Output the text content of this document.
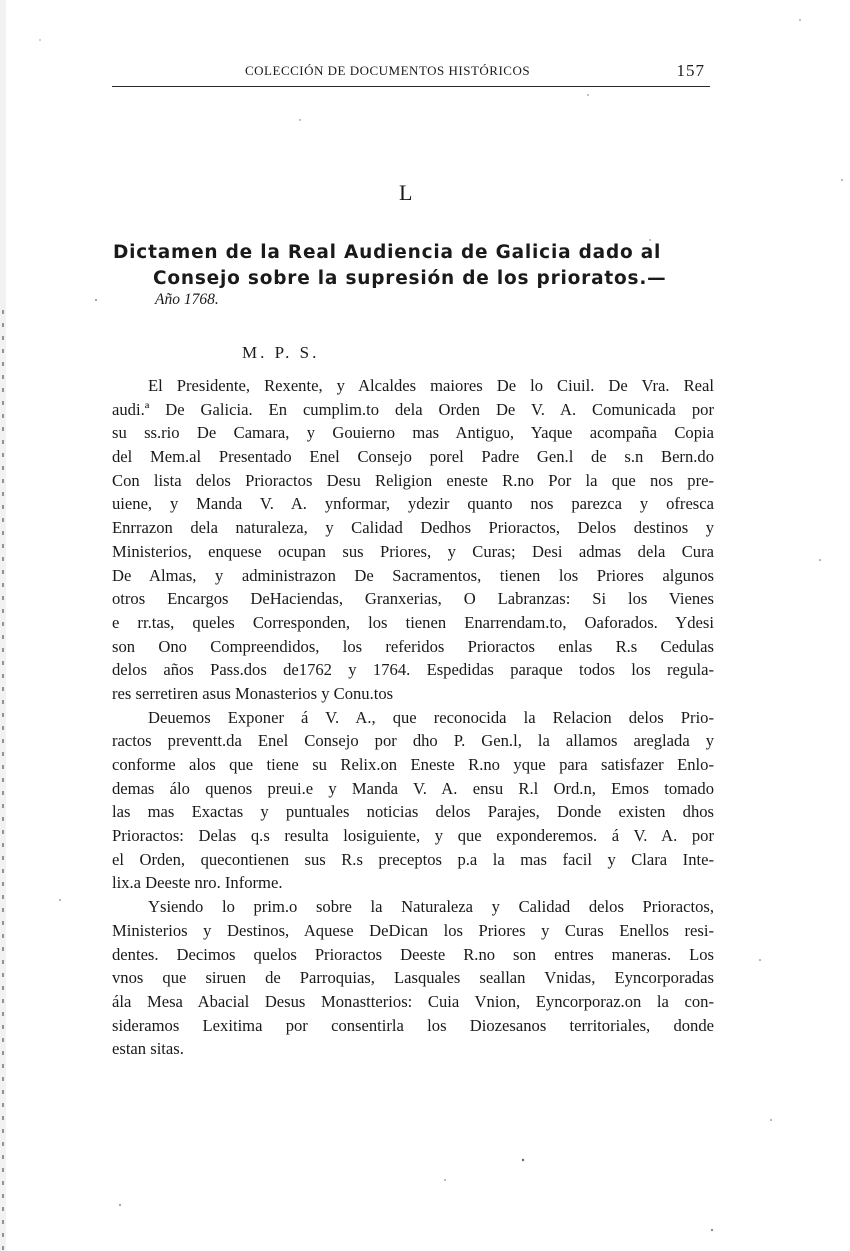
COLECCIÓN DE DOCUMENTOS HISTÓRICOS	157
L
Dictamen de la Real Audiencia de Galicia dado al
Consejo sobre la supresión de los prioratos.—
Año 1768.
M. P. S.
El Presidente, Rexente, y Alcaldes maiores De lo Ciuil. De Vra. Real
audi.ª De Galicia. En cumplim.to dela Orden De V. A. Comunicada por
su ss.rio De Camara, y Gouierno mas Antiguo, Yaque acompaña Copia
del Mem.al Presentado Enel Consejo porel Padre Gen.l de s.n Bern.do
Con lista delos Prioractos Desu Religion eneste R.no Por la que nos pre-
uiene, y Manda V. A. ynformar, ydezir quanto nos parezca y ofresca
Enrrazon dela naturaleza, y Calidad Dedhos Prioractos, Delos destinos y
Ministerios, enquese ocupan sus Priores, y Curas; Desi admas dela Cura
De Almas, y administrazon De Sacramentos, tienen los Priores algunos
otros Encargos DeHaciendas, Granxerias, O Labranzas: Si los Vienes
e rr.tas, queles Corresponden, los tienen Enarrendam.to, Oaforados. Ydesi
son Ono Compreendidos, los referidos Prioractos enlas R.s Cedulas
delos años Pass.dos de1762 y 1764. Espedidas paraque todos los regula-
res serretiren asus Monasterios y Conu.tos
Deuemos Exponer á V. A., que reconocida la Relacion delos Prio-
ractos preventt.da Enel Consejo por dho P. Gen.l, la allamos areglada y
conforme alos que tiene su Relix.on Eneste R.no yque para satisfazer Enlo-
demas álo quenos preui.e y Manda V. A. ensu R.l Ord.n, Emos tomado
las mas Exactas y puntuales noticias delos Parajes, Donde existen dhos
Prioractos: Delas q.s resulta losiguiente, y que exponderemos. á V. A. por
el Orden, quecontienen sus R.s preceptos p.a la mas facil y Clara Inte-
lix.a Deeste nro. Informe.
Ysiendo lo prim.o sobre la Naturaleza y Calidad delos Prioractos,
Ministerios y Destinos, Aquese DeDican los Priores y Curas Enellos resi-
dentes. Decimos quelos Prioractos Deeste R.no son entres maneras. Los
vnos que siruen de Parroquias, Lasquales seallan Vnidas, Eyncorporadas
ála Mesa Abacial Desus Monastterios: Cuia Vnion, Eyncorporaz.on la con-
sideramos Lexitima por consentirla los Diozesanos territoriales, donde
estan sitas.
